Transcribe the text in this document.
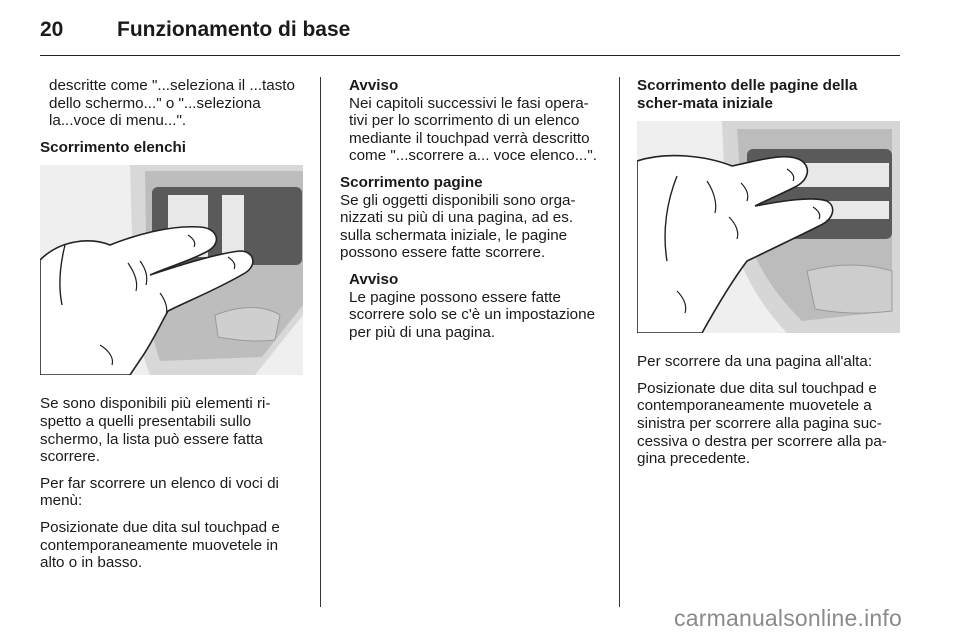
20	Funzionamento di base

descritte come "...seleziona il ...tasto dello schermo..." o "...seleziona la...voce di menu...".

Scorrimento elenchi

Se sono disponibili più elementi ri-spetto a quelli presentabili sullo schermo, la lista può essere fatta scorrere.

Per far scorrere un elenco di voci di menù:

Posizionate due dita sul touchpad e contemporaneamente muovetele in alto o in basso.

Avviso
Nei capitoli successivi le fasi opera-tivi per lo scorrimento di un elenco mediante il touchpad verrà descritto come "...scorrere a... voce elenco...".
Scorrimento pagine

Se gli oggetti disponibili sono orga-nizzati su più di una pagina, ad es. sulla schermata iniziale, le pagine possono essere fatte scorrere.

Avviso
Le pagine possono essere fatte scorrere solo se c'è un impostazione per più di una pagina.

Scorrimento delle pagine della scher-mata iniziale

Per scorrere da una pagina all'alta:

Posizionate due dita sul touchpad e contemporaneamente muovetele a sinistra per scorrere alla pagina suc-cessiva o destra per scorrere alla pa-gina precedente.

carmanualsonline.info
